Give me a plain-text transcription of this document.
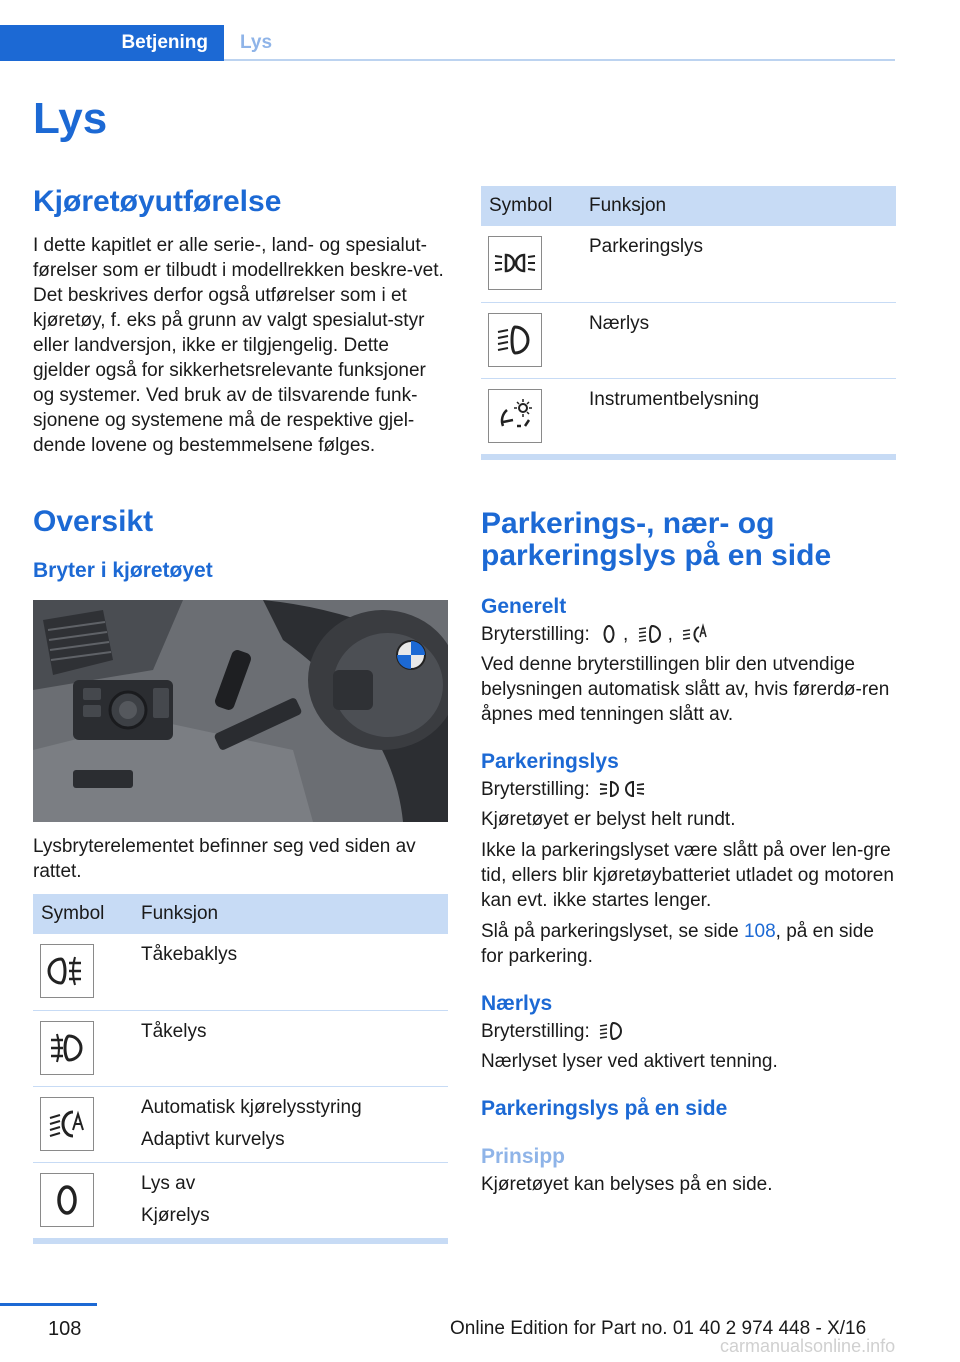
Betjening	Lys
Lys
Kjøretøyutførelse

I dette kapitlet er alle serie-, land- og spesialut-førelser som er tilbudt i modellrekken beskre-vet. Det beskrives derfor også utførelser som i et kjøretøy, f. eks på grunn av valgt spesialut-styr eller landversjon, ikke er tilgjengelig. Dette gjelder også for sikkerhetsrelevante funksjoner og systemer. Ved bruk av de tilsvarende funk-sjonene og systemene må de respektive gjel-dende lovene og bestemmelsene følges.

Oversikt
Bryter i kjøretøyet

Lysbryterelementet befinner seg ved siden av rattet.

Symbol	Funksjon

Tåkebaklys

Tåkelys

Automatisk kjørelysstyring
Adaptivt kurvelys

Lys av
Kjørelys
Symbol	Funksjon

Parkeringslys

Nærlys

Instrumentbelysning
Parkerings-, nær- og parkeringslys på en side
Generelt

Bryterstilling: , ,

Ved denne bryterstillingen blir den utvendige belysningen automatisk slått av, hvis førerdø-ren åpnes med tenningen slått av.

Parkeringslys

Bryterstilling:

Kjøretøyet er belyst helt rundt.

Ikke la parkeringslyset være slått på over len-gre tid, ellers blir kjøretøybatteriet utladet og motoren kan evt. ikke startes lenger.

Slå på parkeringslyset, se side 108, på en side for parkering.

Nærlys

Bryterstilling:

Nærlyset lyser ved aktivert tenning.

Parkeringslys på en side
Prinsipp

Kjøretøyet kan belyses på en side.

108	Online Edition for Part no. 01 40 2 974 448 - X/16
carmanualsonline.info
